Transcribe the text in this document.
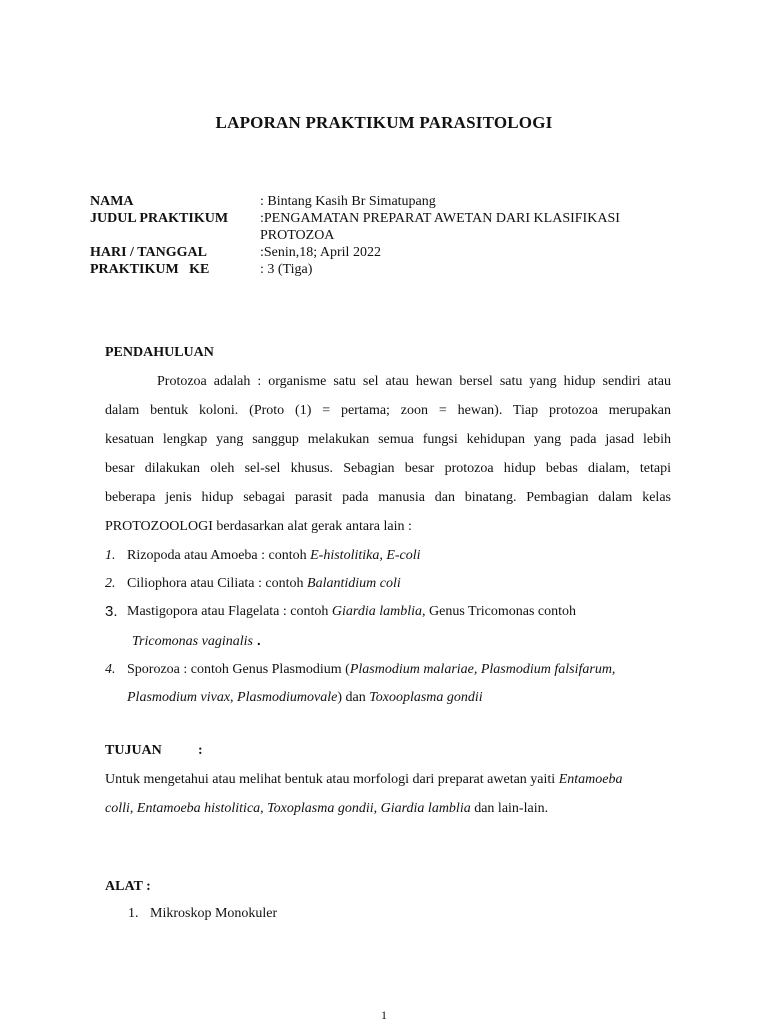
LAPORAN PRAKTIKUM PARASITOLOGI
NAMA	: Bintang Kasih Br Simatupang
JUDUL PRAKTIKUM	:PENGAMATAN PREPARAT AWETAN DARI KLASIFIKASI
PROTOZOA
HARI / TANGGAL	:Senin,18; April 2022
PRAKTIKUM   KE	: 3 (Tiga)
PENDAHULUAN
Protozoa adalah : organisme satu sel atau hewan bersel satu yang hidup sendiri atau
dalam bentuk koloni. (Proto (1) = pertama; zoon = hewan). Tiap protozoa merupakan
kesatuan lengkap yang sanggup melakukan semua fungsi kehidupan yang pada jasad lebih
besar dilakukan oleh sel-sel khusus. Sebagian besar protozoa hidup bebas dialam, tetapi
beberapa jenis hidup sebagai parasit pada manusia dan binatang. Pembagian dalam kelas
PROTOZOOLOGI berdasarkan alat gerak antara lain :
1. Rizopoda atau Amoeba : contoh E-histolitika, E-coli
2. Ciliophora atau Ciliata : contoh Balantidium coli
3. Mastigopora atau Flagelata : contoh Giardia lamblia, Genus Tricomonas contoh
Tricomonas vaginalis .
4. Sporozoa : contoh Genus Plasmodium (Plasmodium malariae, Plasmodium falsifarum,
Plasmodium vivax, Plasmodiumovale) dan Toxooplasma gondii
TUJUAN	:
Untuk mengetahui atau melihat bentuk atau morfologi dari preparat awetan yaiti Entamoeba
colli, Entamoeba histolitica, Toxoplasma gondii, Giardia lamblia dan lain-lain.
ALAT :
1. Mikroskop Monokuler
1
